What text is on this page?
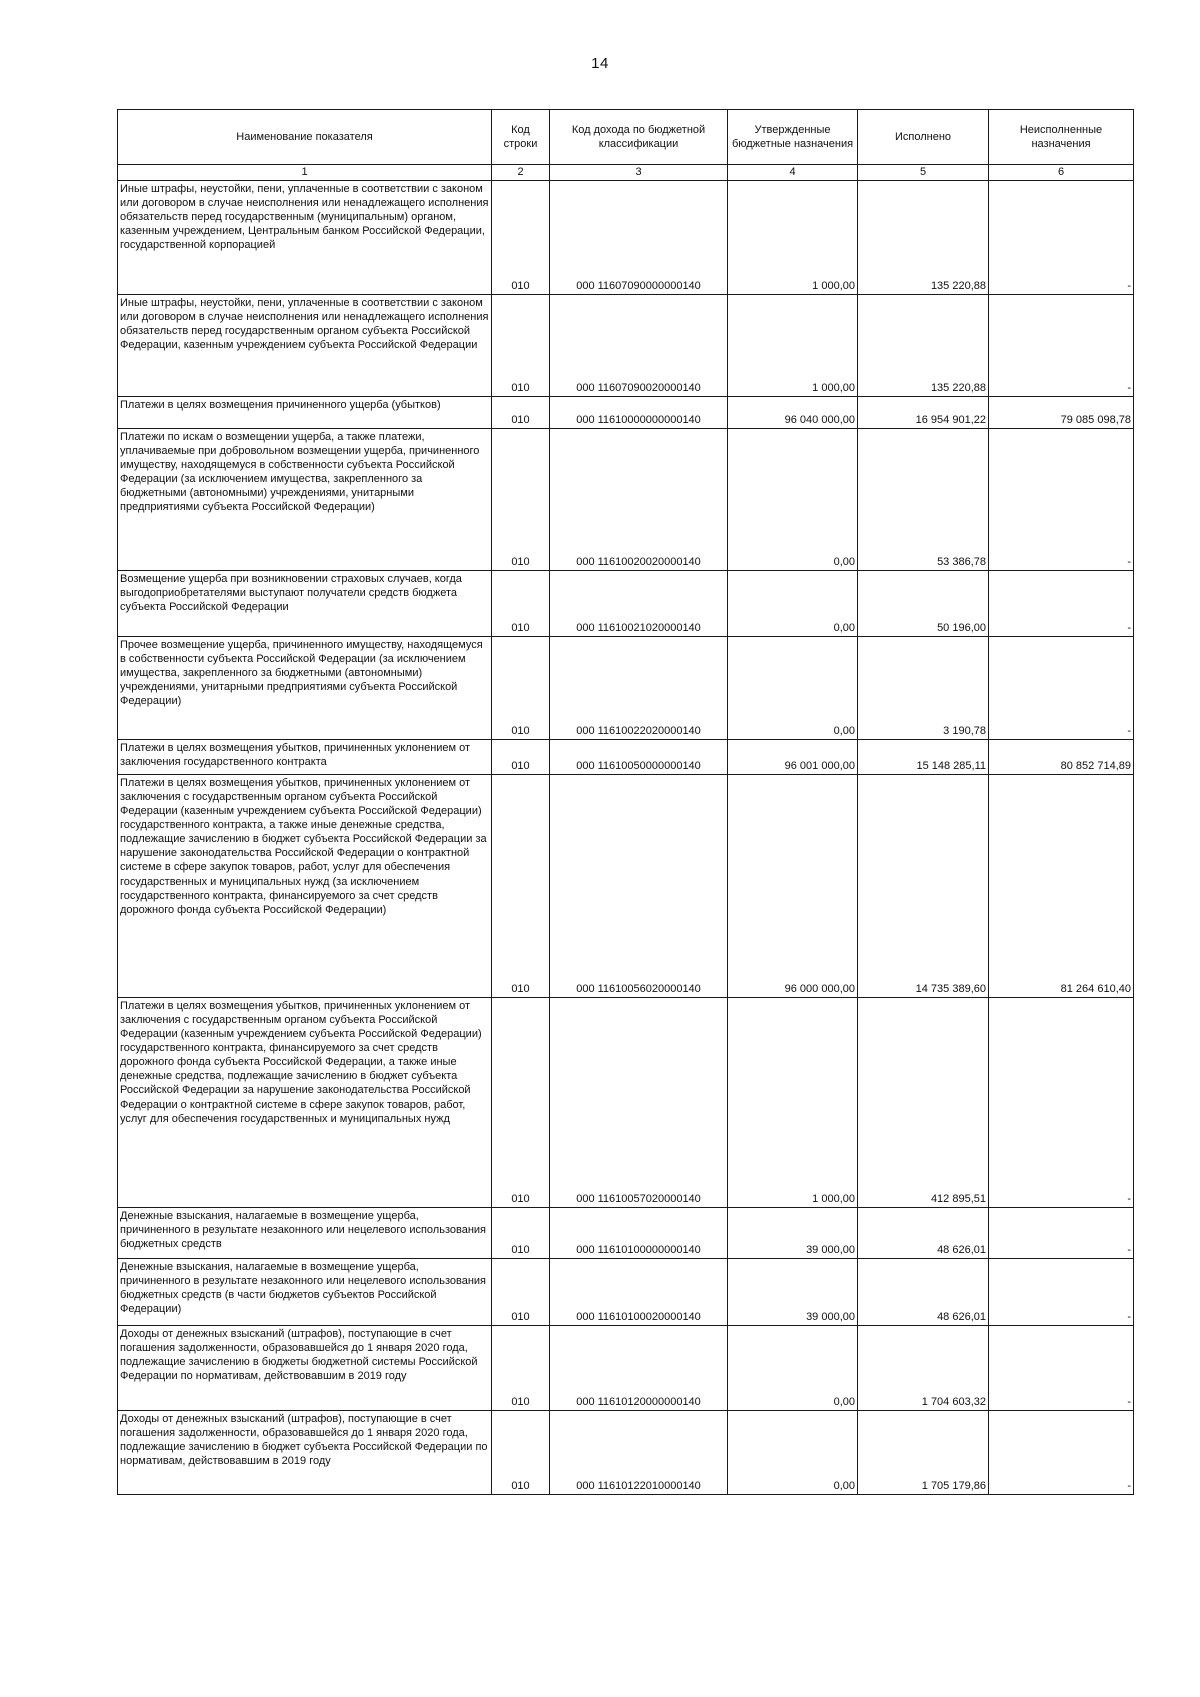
14
Наименование показателя	Код строки	Код дохода по бюджетной классификации	Утвержденные бюджетные назначения	Исполнено	Неисполненные назначения
1	2	3	4	5	6
Иные штрафы, неустойки, пени, уплаченные в соответствии с законом или договором в случае неисполнения или ненадлежащего исполнения обязательств перед государственным (муниципальным) органом, казенным учреждением, Центральным банком Российской Федерации, государственной корпорацией	010	000 11607090000000140	1 000,00	135 220,88	-
Иные штрафы, неустойки, пени, уплаченные в соответствии с законом или договором в случае неисполнения или ненадлежащего исполнения обязательств перед государственным органом субъекта Российской Федерации, казенным учреждением субъекта Российской Федерации	010	000 11607090020000140	1 000,00	135 220,88	-
Платежи в целях возмещения причиненного ущерба (убытков)	010	000 11610000000000140	96 040 000,00	16 954 901,22	79 085 098,78
Платежи по искам о возмещении ущерба, а также платежи, уплачиваемые при добровольном возмещении ущерба, причиненного имуществу, находящемуся в собственности субъекта Российской Федерации (за исключением имущества, закрепленного за бюджетными (автономными) учреждениями, унитарными предприятиями субъекта Российской Федерации)	010	000 11610020020000140	0,00	53 386,78	-
Возмещение ущерба при возникновении страховых случаев, когда выгодоприобретателями выступают получатели средств бюджета субъекта Российской Федерации	010	000 11610021020000140	0,00	50 196,00	-
Прочее возмещение ущерба, причиненного имуществу, находящемуся в собственности субъекта Российской Федерации (за исключением имущества, закрепленного за бюджетными (автономными) учреждениями, унитарными предприятиями субъекта Российской Федерации)	010	000 11610022020000140	0,00	3 190,78	-
Платежи в целях возмещения убытков, причиненных уклонением от заключения государственного контракта	010	000 11610050000000140	96 001 000,00	15 148 285,11	80 852 714,89
Платежи в целях возмещения убытков, причиненных уклонением от заключения с государственным органом субъекта Российской Федерации (казенным учреждением субъекта Российской Федерации) государственного контракта, а также иные денежные средства, подлежащие зачислению в бюджет субъекта Российской Федерации за нарушение законодательства Российской Федерации о контрактной системе в сфере закупок товаров, работ, услуг для обеспечения государственных и муниципальных нужд (за исключением государственного контракта, финансируемого за счет средств дорожного фонда субъекта Российской Федерации)	010	000 11610056020000140	96 000 000,00	14 735 389,60	81 264 610,40
Платежи в целях возмещения убытков, причиненных уклонением от заключения с государственным органом субъекта Российской Федерации (казенным учреждением субъекта Российской Федерации) государственного контракта, финансируемого за счет средств дорожного фонда субъекта Российской Федерации, а также иные денежные средства, подлежащие зачислению в бюджет субъекта Российской Федерации за нарушение законодательства Российской Федерации о контрактной системе в сфере закупок товаров, работ, услуг для обеспечения государственных и муниципальных нужд	010	000 11610057020000140	1 000,00	412 895,51	-
Денежные взыскания, налагаемые в возмещение ущерба, причиненного в результате незаконного или нецелевого использования бюджетных средств	010	000 11610100000000140	39 000,00	48 626,01	-
Денежные взыскания, налагаемые в возмещение ущерба, причиненного в результате незаконного или нецелевого использования бюджетных средств (в части бюджетов субъектов Российской Федерации)	010	000 11610100020000140	39 000,00	48 626,01	-
Доходы от денежных взысканий (штрафов), поступающие в счет погашения задолженности, образовавшейся до 1 января 2020 года, подлежащие зачислению в бюджеты бюджетной системы Российской Федерации по нормативам, действовавшим в 2019 году	010	000 11610120000000140	0,00	1 704 603,32	-
Доходы от денежных взысканий (штрафов), поступающие в счет погашения задолженности, образовавшейся до 1 января 2020 года, подлежащие зачислению в бюджет субъекта Российской Федерации по нормативам, действовавшим в 2019 году	010	000 11610122010000140	0,00	1 705 179,86	-
